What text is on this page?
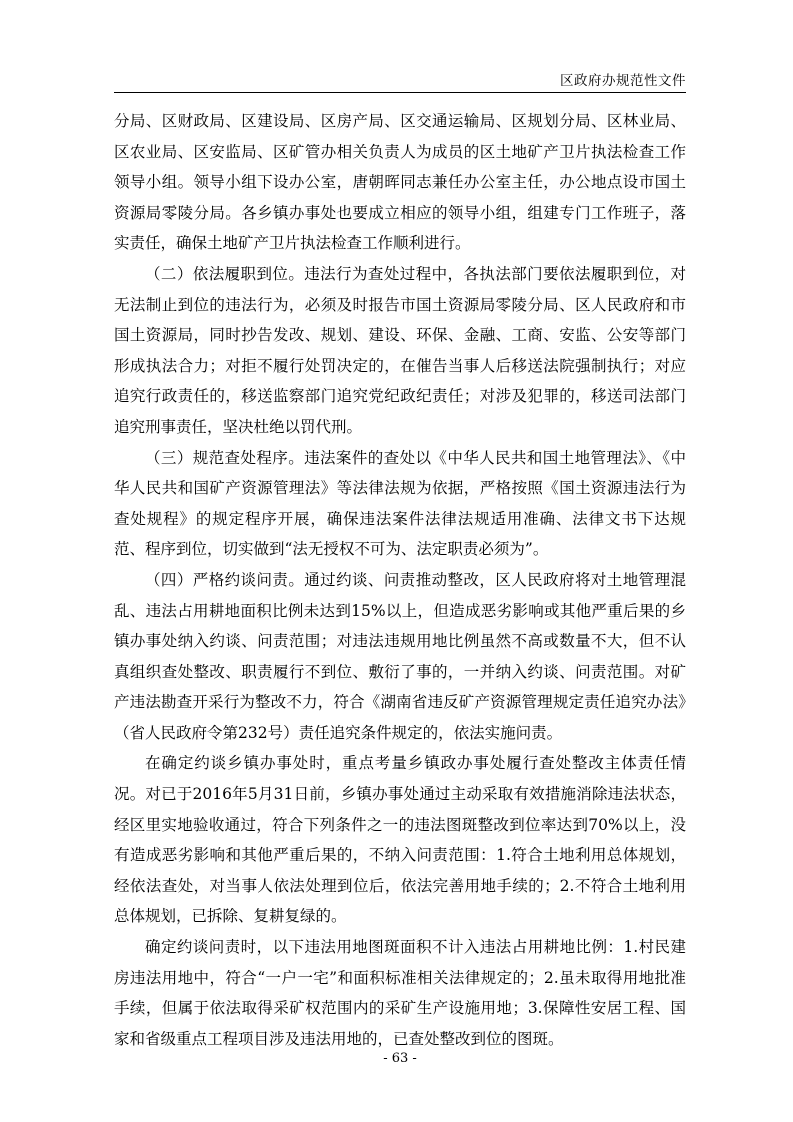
区政府办规范性文件

分局、区财政局、区建设局、区房产局、区交通运输局、区规划分局、区林业局、区农业局、区安监局、区矿管办相关负责人为成员的区土地矿产卫片执法检查工作领导小组。领导小组下设办公室，唐朝晖同志兼任办公室主任，办公地点设市国土资源局零陵分局。各乡镇办事处也要成立相应的领导小组，组建专门工作班子，落实责任，确保土地矿产卫片执法检查工作顺利进行。

（二）依法履职到位。违法行为查处过程中，各执法部门要依法履职到位，对无法制止到位的违法行为，必须及时报告市国土资源局零陵分局、区人民政府和市国土资源局，同时抄告发改、规划、建设、环保、金融、工商、安监、公安等部门形成执法合力；对拒不履行处罚决定的，在催告当事人后移送法院强制执行；对应追究行政责任的，移送监察部门追究党纪政纪责任；对涉及犯罪的，移送司法部门追究刑事责任，坚决杜绝以罚代刑。

（三）规范查处程序。违法案件的查处以《中华人民共和国土地管理法》、《中华人民共和国矿产资源管理法》等法律法规为依据，严格按照《国土资源违法行为查处规程》的规定程序开展，确保违法案件法律法规适用准确、法律文书下达规范、程序到位，切实做到“法无授权不可为、法定职责必须为”。

（四）严格约谈问责。通过约谈、问责推动整改，区人民政府将对土地管理混乱、违法占用耕地面积比例未达到15%以上，但造成恶劣影响或其他严重后果的乡镇办事处纳入约谈、问责范围；对违法违规用地比例虽然不高或数量不大，但不认真组织查处整改、职责履行不到位、敷衍了事的，一并纳入约谈、问责范围。对矿产违法勘查开采行为整改不力，符合《湖南省违反矿产资源管理规定责任追究办法》（省人民政府令第232号）责任追究条件规定的，依法实施问责。

在确定约谈乡镇办事处时，重点考量乡镇政办事处履行查处整改主体责任情况。对已于2016年5月31日前，乡镇办事处通过主动采取有效措施消除违法状态，经区里实地验收通过，符合下列条件之一的违法图斑整改到位率达到70%以上，没有造成恶劣影响和其他严重后果的，不纳入问责范围：1.符合土地利用总体规划，经依法查处，对当事人依法处理到位后，依法完善用地手续的；2.不符合土地利用总体规划，已拆除、复耕复绿的。

确定约谈问责时，以下违法用地图斑面积不计入违法占用耕地比例：1.村民建房违法用地中，符合“一户一宅”和面积标准相关法律规定的；2.虽未取得用地批准手续，但属于依法取得采矿权范围内的采矿生产设施用地；3.保障性安居工程、国家和省级重点工程项目涉及违法用地的，已查处整改到位的图斑。

- 63 -
